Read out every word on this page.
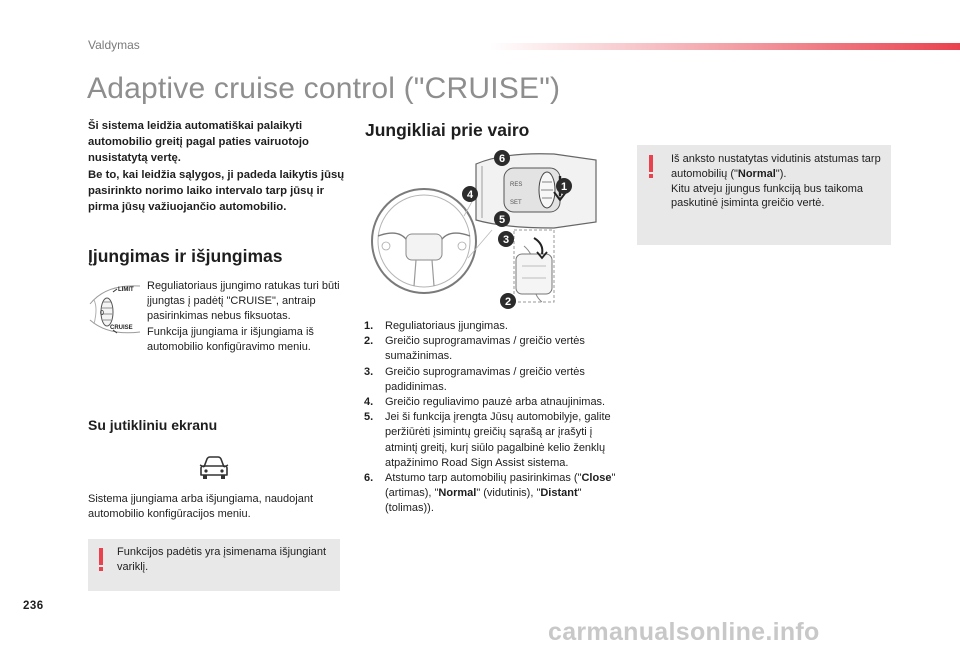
Valdymas
Adaptive cruise control ("CRUISE")
Ši sistema leidžia automatiškai palaikyti automobilio greitį pagal paties vairuotojo nusistatytą vertę.
Be to, kai leidžia sąlygos, ji padeda laikytis jūsų pasirinkto norimo laiko intervalo tarp jūsų ir pirma jūsų važiuojančio automobilio.
Įjungimas ir išjungimas
LIMIT
0
CRUISE
Reguliatoriaus įjungimo ratukas turi būti įjungtas į padėtį "CRUISE", antraip pasirinkimas nebus fiksuotas.
Funkcija įjungiama ir išjungiama iš automobilio konfigūravimo meniu.
Su jutikliniu ekranu
Sistema įjungiama arba išjungiama, naudojant automobilio konfigūracijos meniu.
Funkcijos padėtis yra įsimenama išjungiant variklį.
Jungikliai prie vairo
RES
SET
6
4
1
3
5
2
1. Reguliatoriaus įjungimas.
2. Greičio suprogramavimas / greičio vertės sumažinimas.
3. Greičio suprogramavimas / greičio vertės padidinimas.
4. Greičio reguliavimo pauzė arba atnaujinimas.
5. Jei ši funkcija įrengta Jūsų automobilyje, galite peržiūrėti įsimintų greičių sąrašą ar įrašyti į atmintį greitį, kurį siūlo pagalbinė kelio ženklų atpažinimo Road Sign Assist sistema.
6. Atstumo tarp automobilių pasirinkimas ("Close" (artimas), "Normal" (vidutinis), "Distant" (tolimas)).
Iš anksto nustatytas vidutinis atstumas tarp automobilių ("Normal").
Kitu atveju įjungus funkciją bus taikoma paskutinė įsiminta greičio vertė.
236
carmanualsonline.info
